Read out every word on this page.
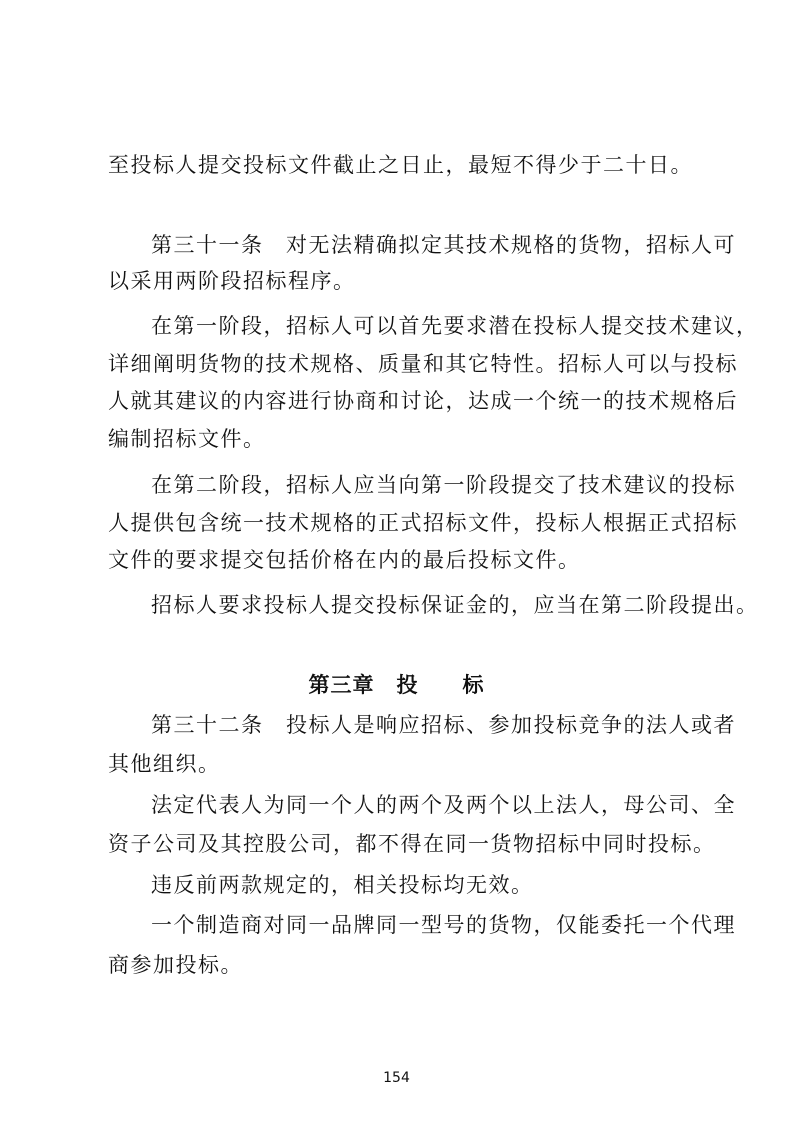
至投标人提交投标文件截止之日止，最短不得少于二十日。

第三十一条　对无法精确拟定其技术规格的货物，招标人可

以采用两阶段招标程序。

在第一阶段，招标人可以首先要求潜在投标人提交技术建议，

详细阐明货物的技术规格、质量和其它特性。招标人可以与投标

人就其建议的内容进行协商和讨论，达成一个统一的技术规格后

编制招标文件。

在第二阶段，招标人应当向第一阶段提交了技术建议的投标

人提供包含统一技术规格的正式招标文件，投标人根据正式招标

文件的要求提交包括价格在内的最后投标文件。

招标人要求投标人提交投标保证金的，应当在第二阶段提出。

第三章　投　　标

第三十二条　投标人是响应招标、参加投标竞争的法人或者

其他组织。

法定代表人为同一个人的两个及两个以上法人，母公司、全

资子公司及其控股公司，都不得在同一货物招标中同时投标。

违反前两款规定的，相关投标均无效。

一个制造商对同一品牌同一型号的货物，仅能委托一个代理

商参加投标。

154
